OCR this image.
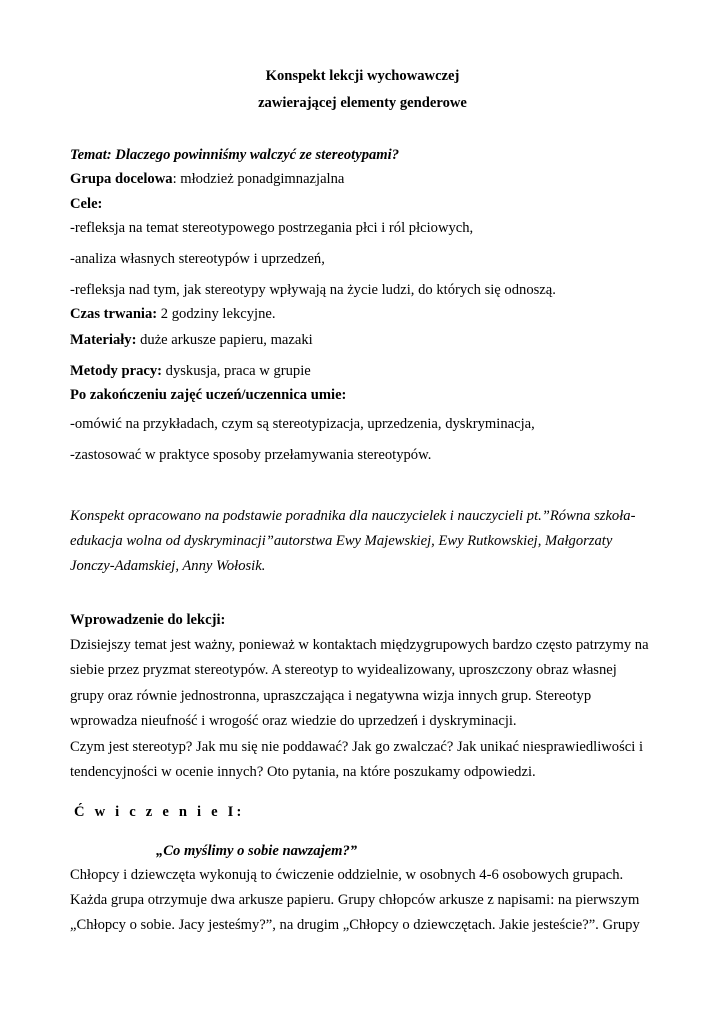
Konspekt lekcji wychowawczej
zawierającej elementy genderowe
Temat: Dlaczego powinniśmy walczyć ze stereotypami?
Grupa docelowa: młodzież ponadgimnazjalna
Cele:
-refleksja na temat stereotypowego postrzegania płci i ról płciowych,
-analiza własnych stereotypów i uprzedzeń,
-refleksja nad tym, jak stereotypy wpływają na życie ludzi, do których się odnoszą.
Czas trwania: 2 godziny lekcyjne.
Materiały: duże arkusze papieru, mazaki
Metody pracy: dyskusja, praca w grupie
Po zakończeniu zajęć uczeń/uczennica umie:
-omówić na przykładach, czym są stereotypizacja, uprzedzenia, dyskryminacja,
-zastosować w praktyce sposoby przełamywania stereotypów.
Konspekt opracowano na podstawie poradnika dla nauczycielek i nauczycieli pt.”Równa szkoła-
edukacja wolna od dyskryminacji”autorstwa Ewy Majewskiej, Ewy Rutkowskiej, Małgorzaty
Jonczy-Adamskiej, Anny Wołosik.
Wprowadzenie do lekcji:
Dzisiejszy temat jest ważny, ponieważ w kontaktach międzygrupowych bardzo często patrzymy na
siebie przez pryzmat stereotypów. A stereotyp to wyidealizowany, uproszczony obraz własnej
grupy oraz równie jednostronna, upraszczająca i negatywna wizja innych grup. Stereotyp
wprowadza nieufność i wrogość oraz wiedzie do uprzedzeń i dyskryminacji.
Czym jest stereotyp? Jak mu się nie poddawać? Jak go zwalczać? Jak unikać niesprawiedliwości i
tendencyjności w ocenie innych? Oto pytania, na które poszukamy odpowiedzi.
Ć w i c z e n i e I:
„Co myślimy o sobie nawzajem?”
Chłopcy i dziewczęta wykonują to ćwiczenie oddzielnie, w osobnych 4-6 osobowych grupach.
Każda grupa otrzymuje dwa arkusze papieru. Grupy chłopców arkusze z napisami: na pierwszym
„Chłopcy o sobie. Jacy jesteśmy?”, na drugim „Chłopcy o dziewczętach. Jakie jesteście?”. Grupy
